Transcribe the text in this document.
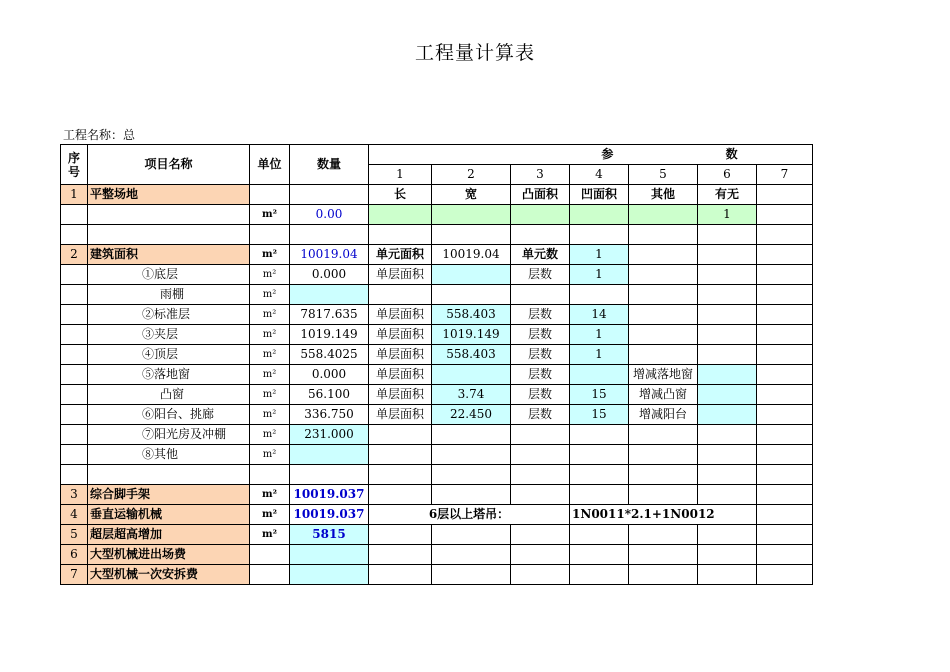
工程量计算表
工程名称：总
序
号	项目名称	单位	数量	参 数						
				1	2	3	4	5	6	7
1	平整场地			长	宽	凸面积	凹面积	其他	有无	
		m²	0.00						1	

2	建筑面积	m²	10019.04	单元面积	10019.04	单元数	1			
	①底层	m²	0.000	单层面积		层数	1			
	雨棚	m²								
	②标准层	m²	7817.635	单层面积	558.403	层数	14			
	③夹层	m²	1019.149	单层面积	1019.149	层数	1			
	④顶层	m²	558.4025	单层面积	558.403	层数	1			
	⑤落地窗	m²	0.000	单层面积		层数		增减落地窗		
	凸窗	m²	56.100	单层面积	3.74	层数	15	增减凸窗		
	⑥阳台、挑廊	m²	336.750	单层面积	22.450	层数	15	增减阳台		
	⑦阳光房及冲棚	m²	231.000							
	⑧其他	m²								

3	综合脚手架	m²	10019.037							
4	垂直运输机械	m²	10019.037	6层以上塔吊：			1N0011*2.1+1N0012			
5	超层超高增加	m²	5815							
6	大型机械进出场费									
7	大型机械一次安拆费									
